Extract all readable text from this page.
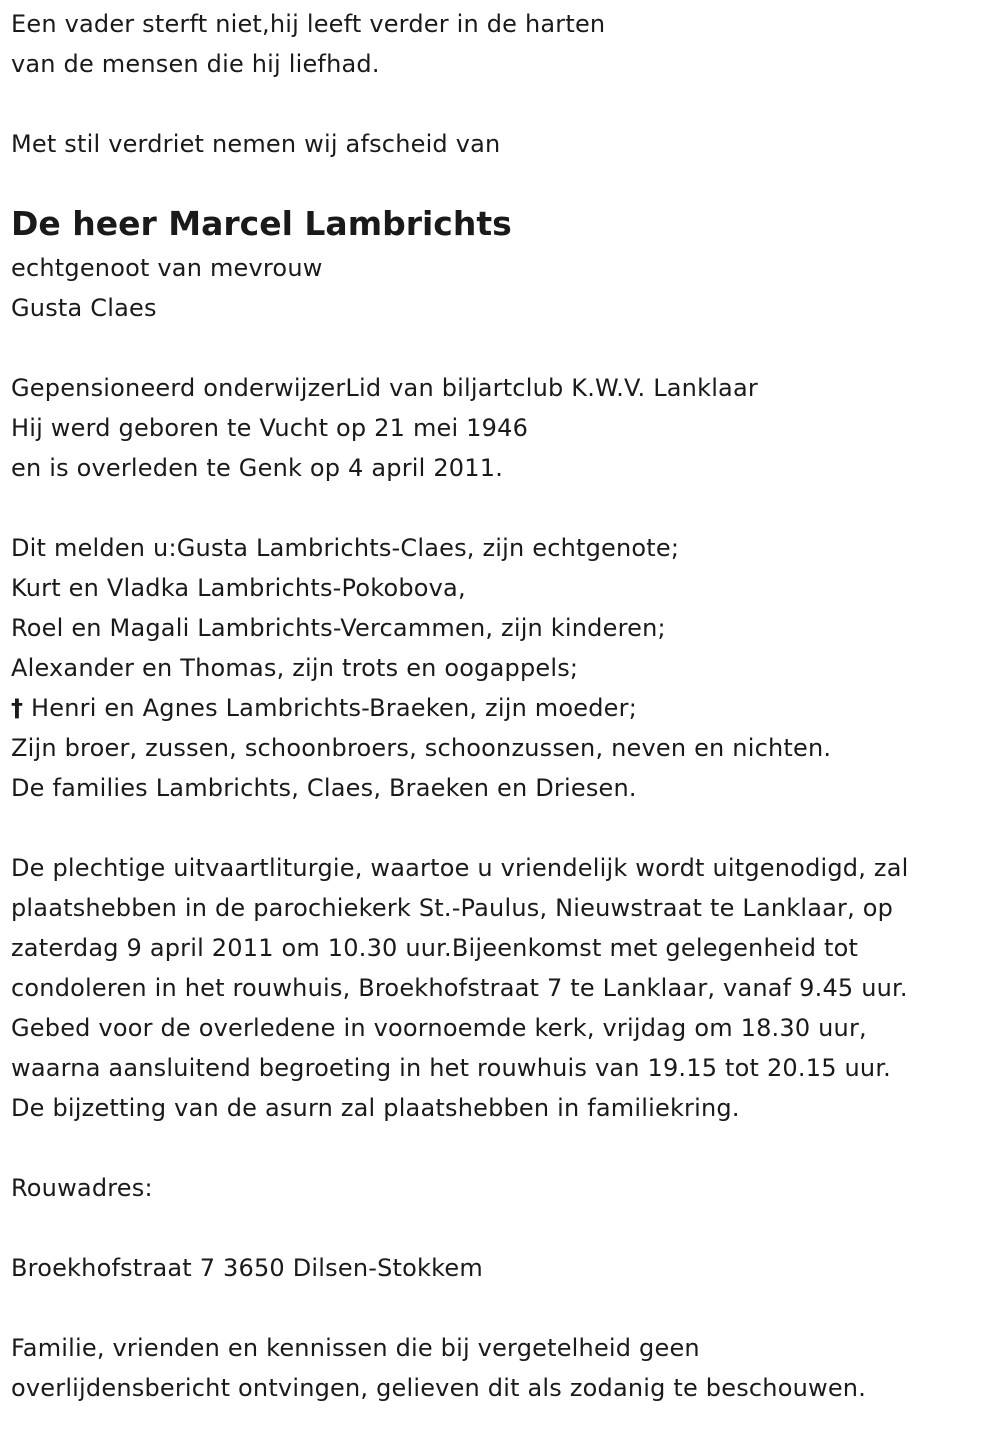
Een vader sterft niet,hij leeft verder in de harten
van de mensen die hij liefhad.
Met stil verdriet nemen wij afscheid van
De heer Marcel Lambrichts
echtgenoot van mevrouw
Gusta Claes
Gepensioneerd onderwijzerLid van biljartclub K.W.V. Lanklaar
Hij werd geboren te Vucht op 21 mei 1946
en is overleden te Genk op 4 april 2011.
Dit melden u:Gusta Lambrichts-Claes, zijn echtgenote;
Kurt en Vladka Lambrichts-Pokobova,
Roel en Magali Lambrichts-Vercammen, zijn kinderen;
Alexander en Thomas, zijn trots en oogappels;
† Henri en Agnes Lambrichts-Braeken, zijn moeder;
Zijn broer, zussen, schoonbroers, schoonzussen, neven en nichten.
De families Lambrichts, Claes, Braeken en Driesen.
De plechtige uitvaartliturgie, waartoe u vriendelijk wordt uitgenodigd, zal
plaatshebben in de parochiekerk St.-Paulus, Nieuwstraat te Lanklaar, op
zaterdag 9 april 2011 om 10.30 uur.Bijeenkomst met gelegenheid tot
condoleren in het rouwhuis, Broekhofstraat 7 te Lanklaar, vanaf 9.45 uur.
Gebed voor de overledene in voornoemde kerk, vrijdag om 18.30 uur,
waarna aansluitend begroeting in het rouwhuis van 19.15 tot 20.15 uur.
De bijzetting van de asurn zal plaatshebben in familiekring.
Rouwadres:
Broekhofstraat 7 3650 Dilsen-Stokkem
Familie, vrienden en kennissen die bij vergetelheid geen
overlijdensbericht ontvingen, gelieven dit als zodanig te beschouwen.
